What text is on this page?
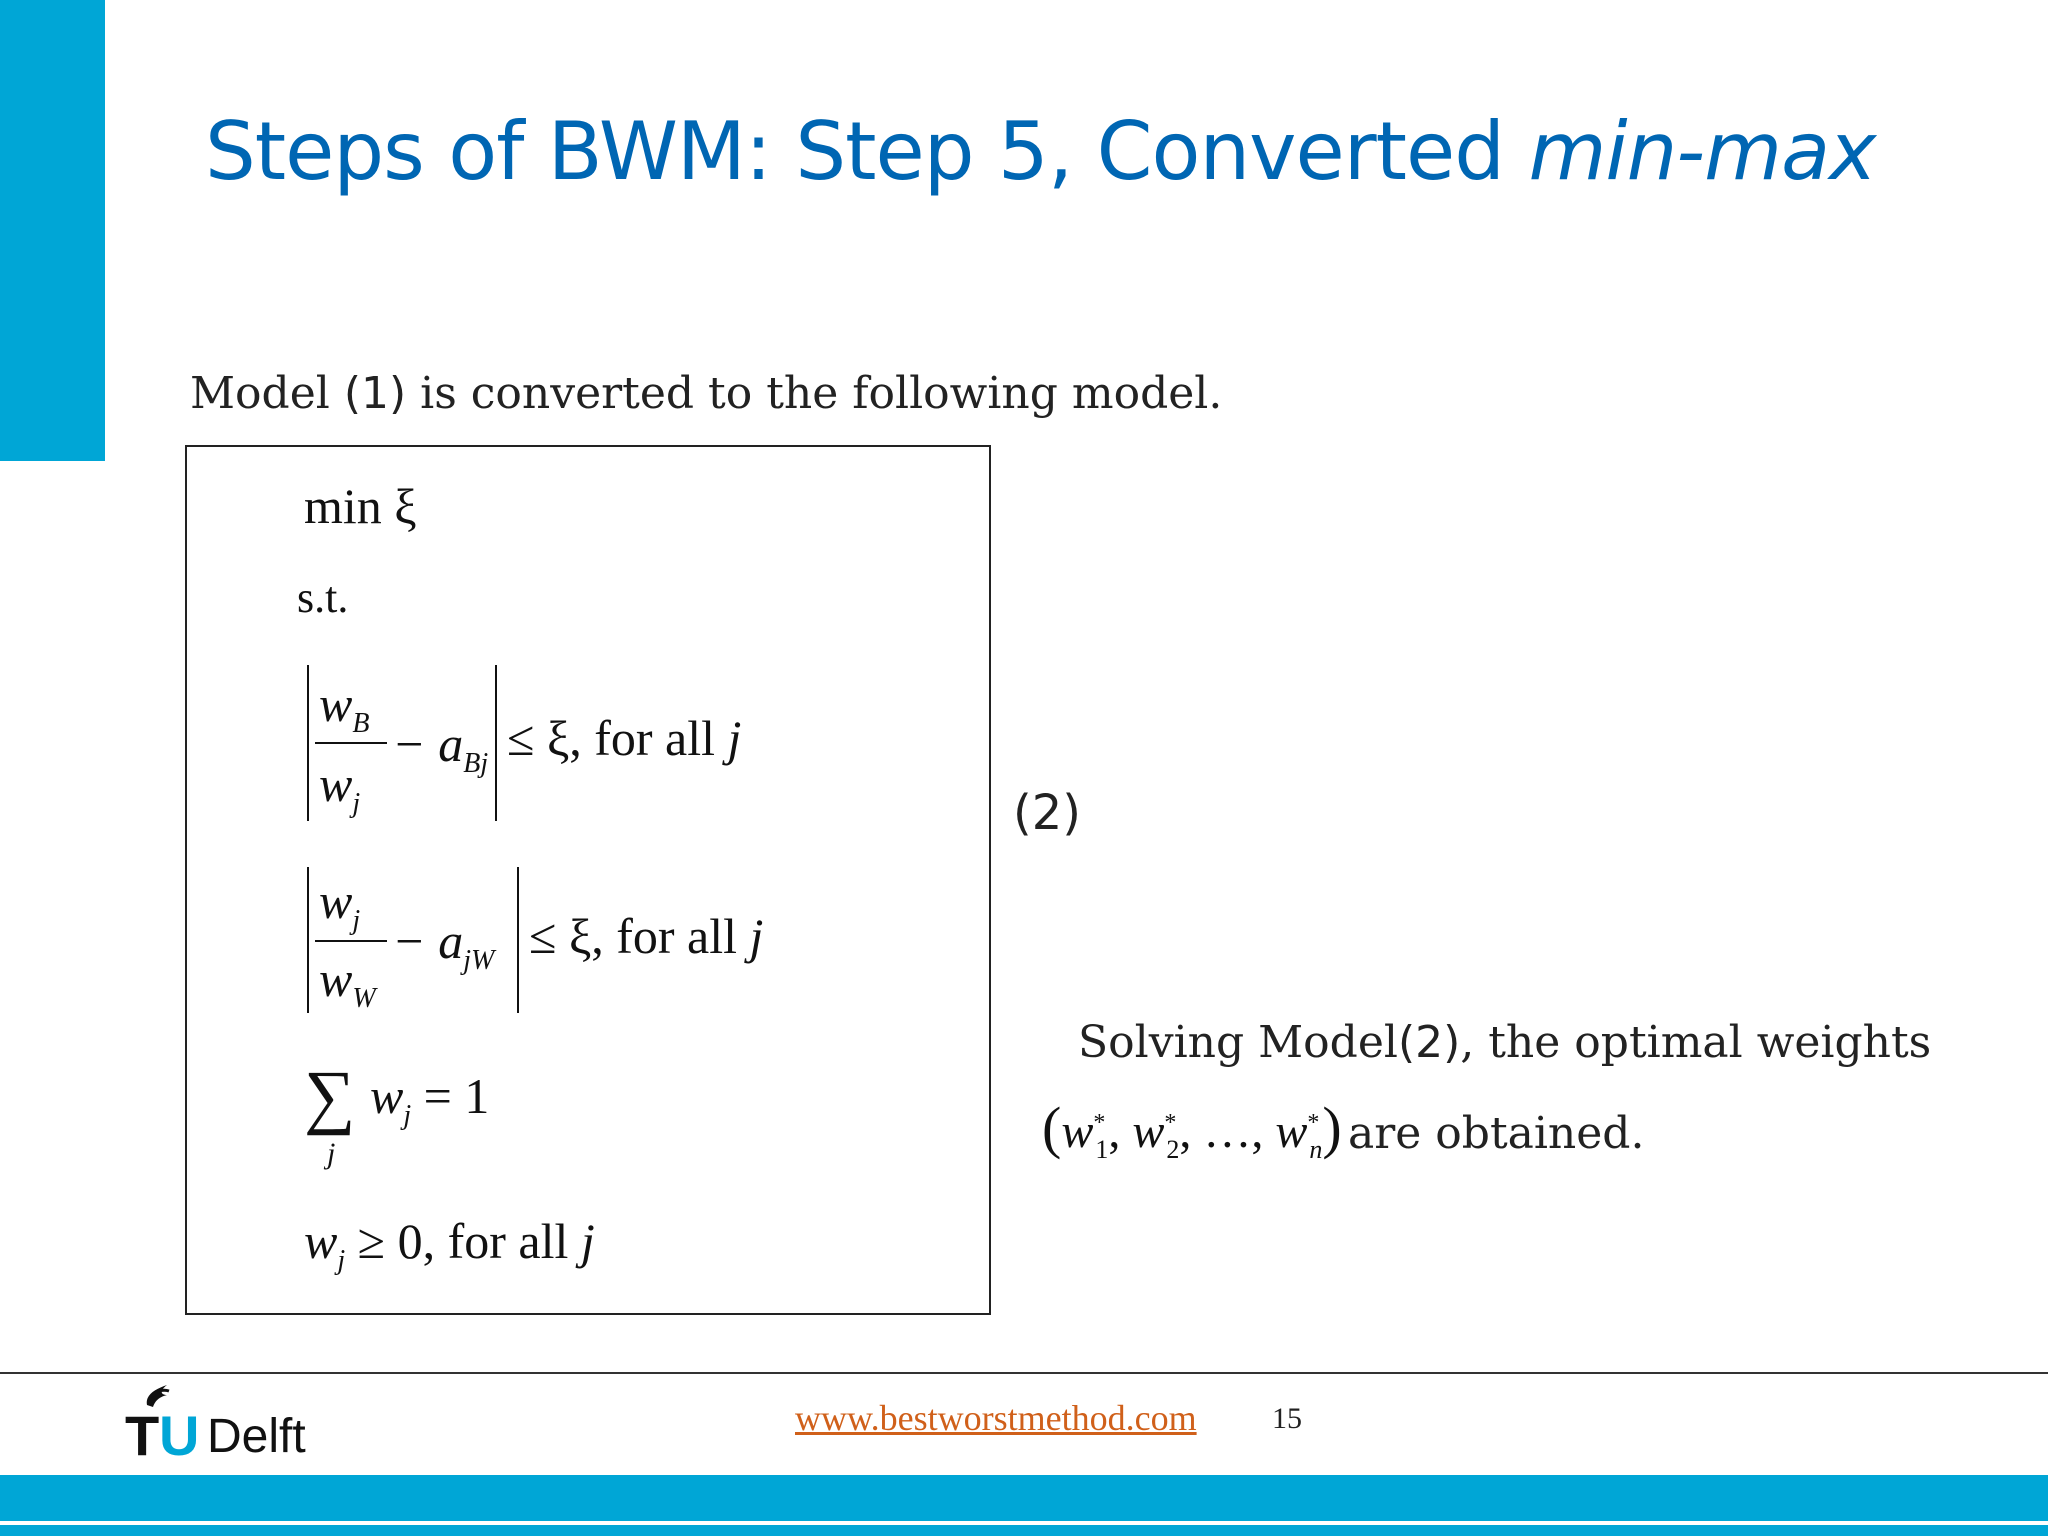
Steps of BWM: Step 5, Converted min-max
Model (1) is converted to the following model.
min ξ
s.t.
$w_B$
$w_j$
− $a_{Bj} \le \xi$, for all j
$w_j$
$w_W$
− $a_{jW} \le \xi$, for all j
∑
j
$w_j = 1$
$w_j \ge 0$, for all j
(2)
Solving Model(2), the optimal weights
($w^*_1$, $w^*_2$, …, $w^*_n$) are obtained.
T U Delft	www.bestworstmethod.com	15
